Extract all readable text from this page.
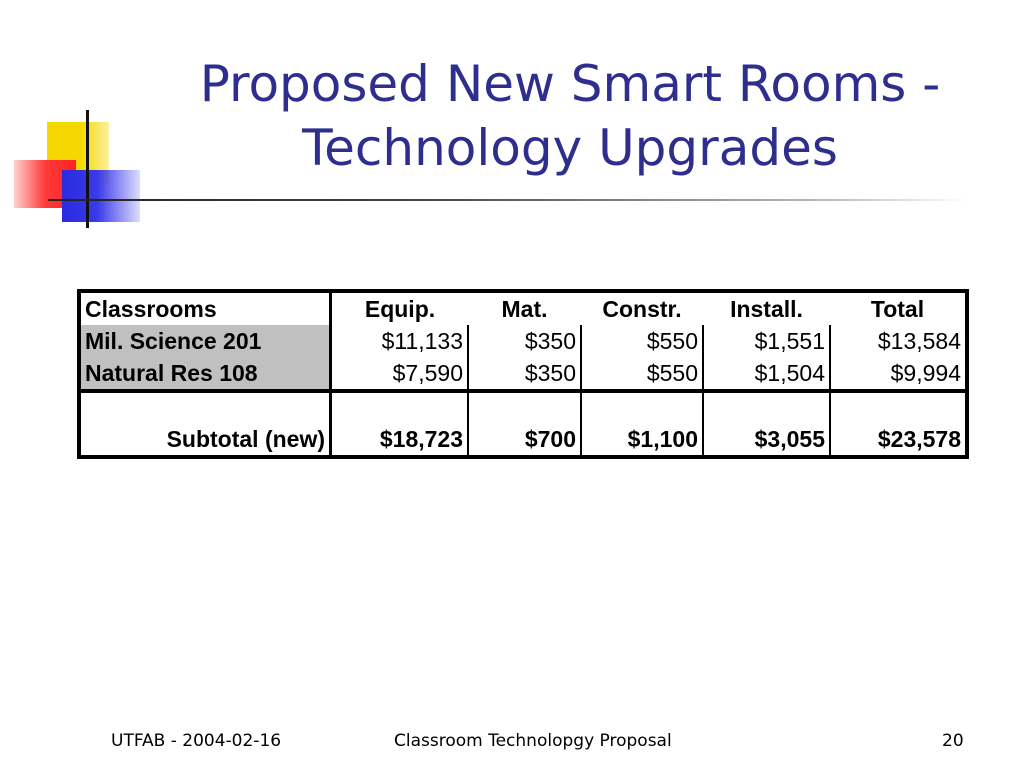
Proposed New Smart Rooms -
Technology Upgrades
Classrooms	Equip.	Mat.	Constr.	Install.	Total
Mil. Science 201	$11,133	$350	$550	$1,551	$13,584
Natural Res 108	$7,590	$350	$550	$1,504	$9,994

Subtotal (new)	$18,723	$700	$1,100	$3,055	$23,578
UTFAB - 2004-02-16	Classroom Technolopgy Proposal	20
